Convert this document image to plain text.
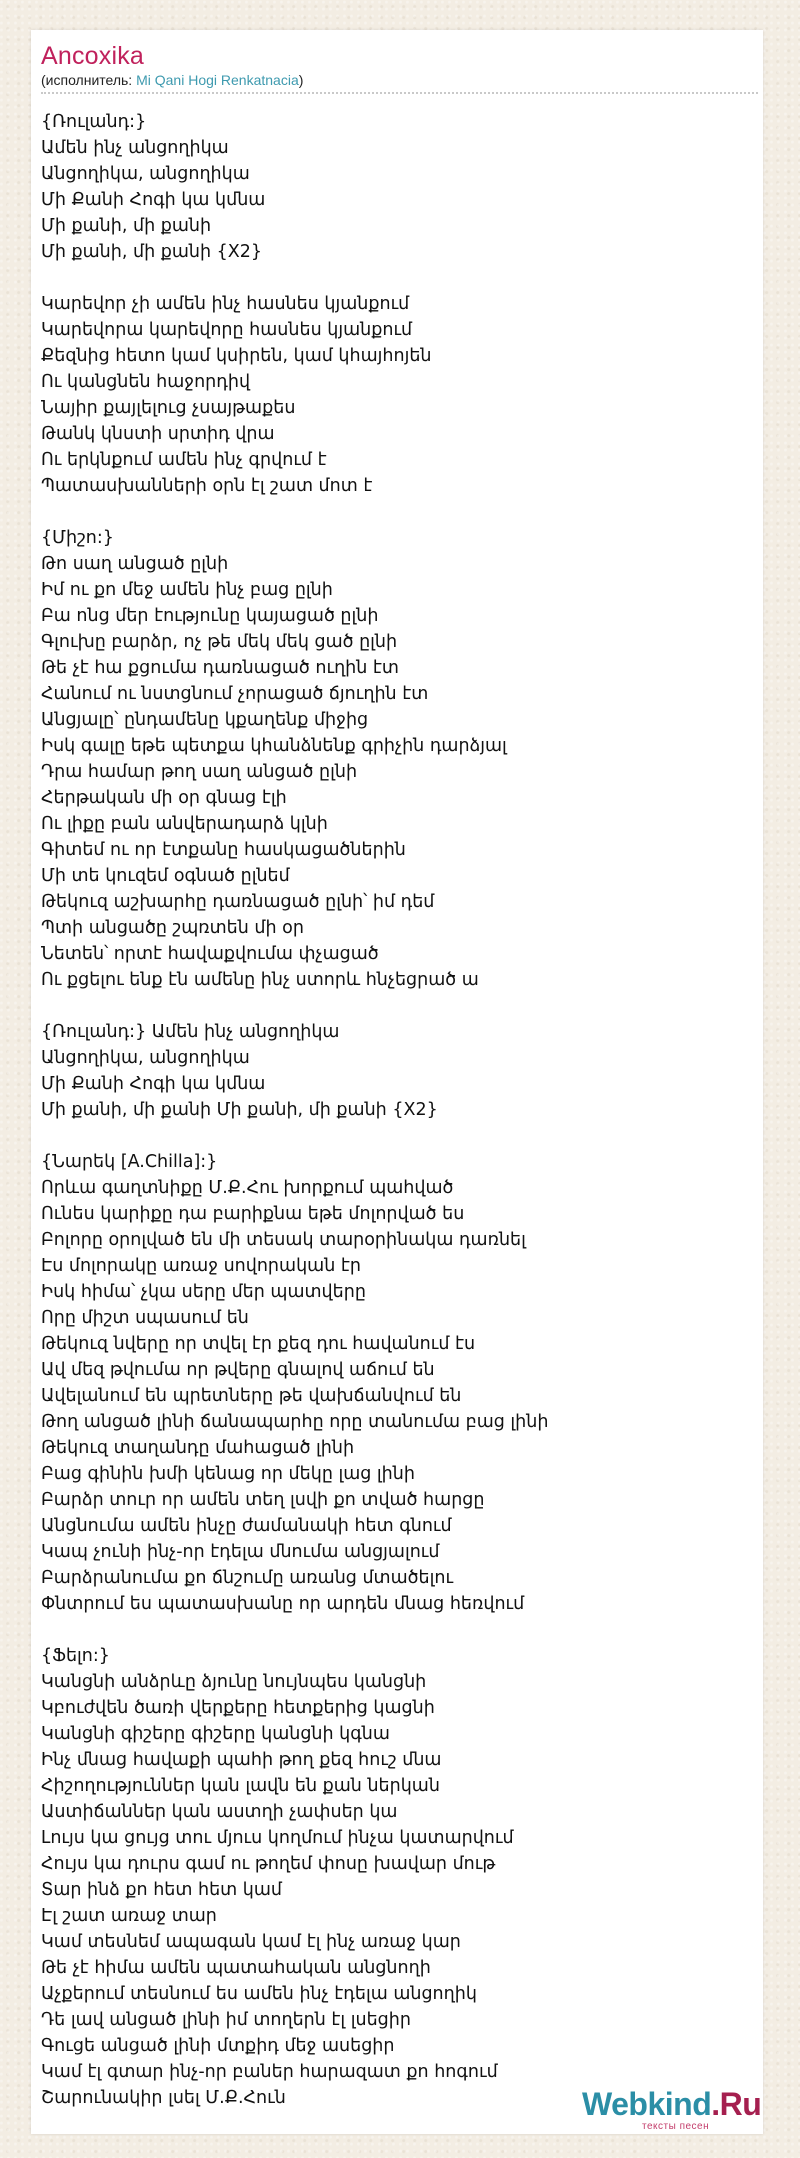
Ancoxika
(исполнитель: Mi Qani Hogi Renkatnacia)
{Ռուլանդ:}
Ամեն ինչ անցողիկա
Անցողիկա, անցողիկա
Մի Քանի Հոգի կա կմնա
Մի քանի, մի քանի
Մի քանի, մի քանի {X2}
Կարեվոր չի ամեն ինչ հասնես կյանքում
Կարեվորա կարեվորը հասնես կյանքում
Քեզնից հետո կամ կսիրեն, կամ կհայհոյեն
Ու կանցնեն հաջորդիվ
Նայիր քայլելուց չսայթաքես
Թանկ կնստի սրտիդ վրա
Ու երկնքում ամեն ինչ գրվում է
Պատասխանների օրն էլ շատ մոտ է
{Միշո:}
Թո սաղ անցած ըլնի
Իմ ու քո մեջ ամեն ինչ բաց ըլնի
Բա ոնց մեր էությունը կայացած ըլնի
Գլուխը բարձր, ոչ թե մեկ մեկ ցած ըլնի
Թե չէ հա քցումա դառնացած ուղին էտ
Հանում ու նստցնում չորացած ճյուղին էտ
Անցյալը՝ ընդամենը կքաղենք միջից
Իսկ գալը եթե պետքա կհանձնենք գրիչին դարձյալ
Դրա համար թող սաղ անցած ըլնի
Հերթական մի օր գնաց էլի
Ու լիքը բան անվերադարձ կլնի
Գիտեմ ու որ էտքանը հասկացածներին
Մի տե կուզեմ օգնած ըլնեմ
Թեկուզ աշխարհը դառնացած ըլնի՝ իմ դեմ
Պտի անցածը շպռտեն մի օր
Նետեն՝ որտէ հավաքվումա փչացած
Ու քցելու ենք էն ամենը ինչ ստորև հնչեցրած ա
{Ռուլանդ:} Ամեն ինչ անցողիկա
Անցողիկա, անցողիկա
Մի Քանի Հոգի կա կմնա
Մի քանի, մի քանի Մի քանի, մի քանի {X2}
{Նարեկ [A.Chilla]:}
Որևա գաղտնիքը Մ.Ք.Հու խորքում պահված
Ունես կարիքը դա բարիքնա եթե մոլորված ես
Բոլորը օրոլված են մի տեսակ տարօրինակա դառնել
Էս մոլորակը առաջ սովորական էր
Իսկ հիմա՝ չկա սերը մեր պատվերը
Որը միշտ սպասում են
Թեկուզ նվերը որ տվել էր քեզ դու հավանում էս
Ավ մեզ թվումա որ թվերը գնալով աճում են
Ավելանում են պրետները թե վախճանվում են
Թող անցած լինի ճանապարհը որը տանումա բաց լինի
Թեկուզ տաղանդը մահացած լինի
Բաց գինին խմի կենաց որ մեկը լաց լինի
Բարձր տուր որ ամեն տեղ լսվի քո տված հարցը
Անցնումա ամեն ինչը ժամանակի հետ գնում
Կապ չունի ինչ-որ էդելա մնումա անցյալում
Բարձրանումա քո ճնշումը առանց մտածելու
Փնտրում ես պատասխանը որ արդեն մնաց հեռվում
{Ֆելո:}
Կանցնի անձրևը ձյունը նույնպես կանցնի
Կբուժվեն ծառի վերքերը հետքերից կացնի
Կանցնի գիշերը գիշերը կանցնի կգնա
Ինչ մնաց հավաքի պահի թող քեզ հուշ մնա
Հիշողություններ կան լավն են քան ներկան
Աստիճաններ կան աստղի չափսեր կա
Լույս կա ցույց տու մյուս կողմում ինչա կատարվում
Հույս կա դուրս գամ ու թողեմ փոսը խավար մութ
Տար ինձ քո հետ հետ կամ
Էլ շատ առաջ տար
Կամ տեսնեմ ապագան կամ էլ ինչ առաջ կար
Թե չէ հիմա ամեն պատահական անցնողի
Աչքերում տեսնում ես ամեն ինչ էդելա անցողիկ
Դե լավ անցած լինի իմ տողերն էլ լսեցիր
Գուցե անցած լինի մտքիդ մեջ ասեցիր
Կամ էլ գտար ինչ-որ բաներ հարազատ քո հոգում
Շարունակիր լսել Մ.Ք.Հուն	Webkind.Ru
тексты песен
